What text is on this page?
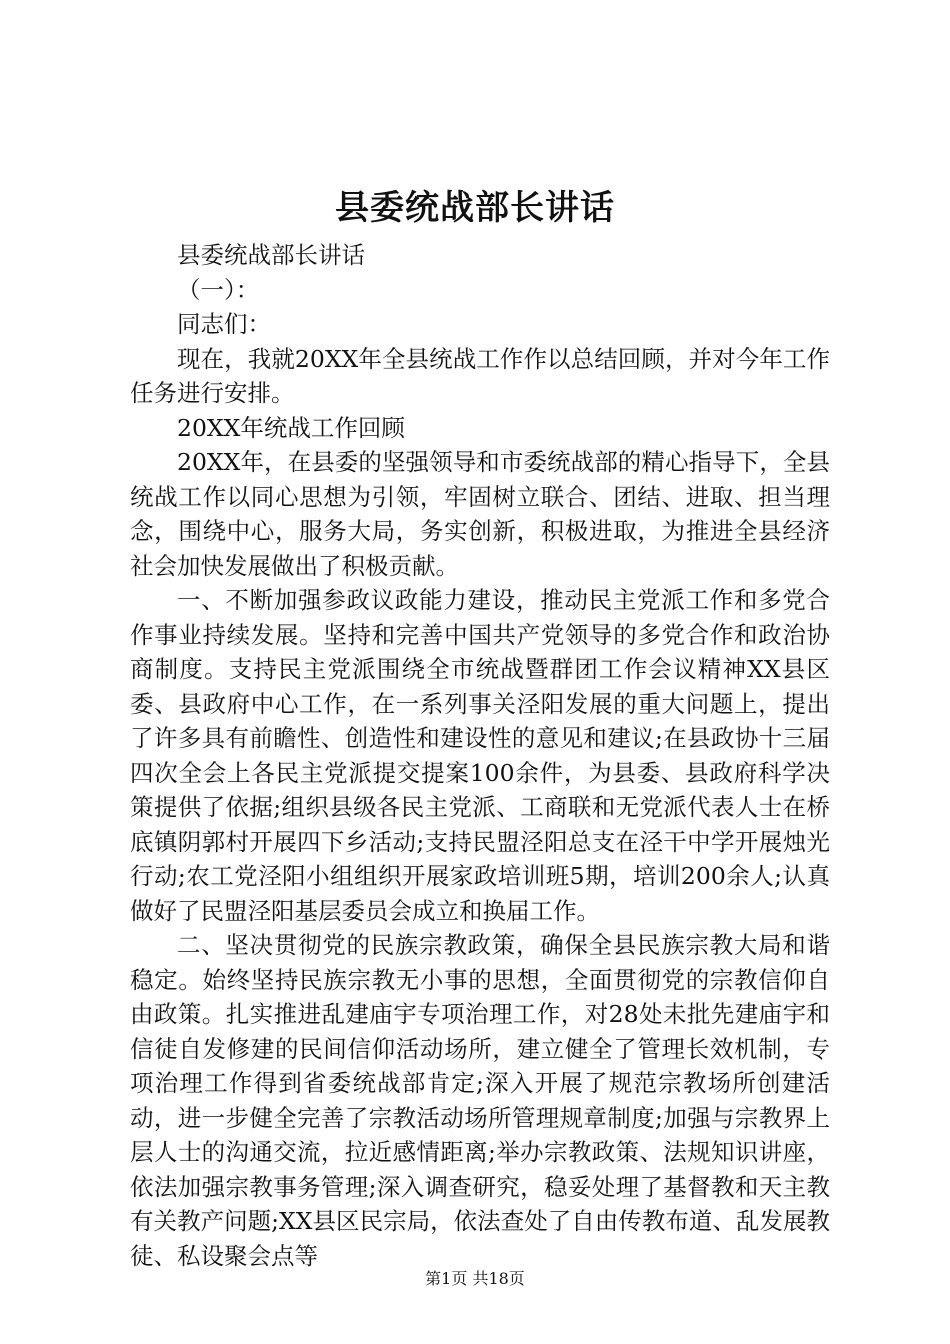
县委统战部长讲话

县委统战部长讲话

（一）：

同志们：

现在，我就20XX年全县统战工作作以总结回顾，并对今年工作任务进行安排。

20XX年统战工作回顾

20XX年，在县委的坚强领导和市委统战部的精心指导下，全县统战工作以同心思想为引领，牢固树立联合、团结、进取、担当理念，围绕中心，服务大局，务实创新，积极进取，为推进全县经济社会加快发展做出了积极贡献。

一、不断加强参政议政能力建设，推动民主党派工作和多党合作事业持续发展。坚持和完善中国共产党领导的多党合作和政治协商制度。支持民主党派围绕全市统战暨群团工作会议精神XX县区委、县政府中心工作，在一系列事关泾阳发展的重大问题上，提出了许多具有前瞻性、创造性和建设性的意见和建议;在县政协十三届四次全会上各民主党派提交提案100余件，为县委、县政府科学决策提供了依据;组织县级各民主党派、工商联和无党派代表人士在桥底镇阴郭村开展四下乡活动;支持民盟泾阳总支在泾干中学开展烛光行动;农工党泾阳小组组织开展家政培训班5期，培训200余人;认真做好了民盟泾阳基层委员会成立和换届工作。

二、坚决贯彻党的民族宗教政策，确保全县民族宗教大局和谐稳定。始终坚持民族宗教无小事的思想，全面贯彻党的宗教信仰自由政策。扎实推进乱建庙宇专项治理工作，对28处未批先建庙宇和信徒自发修建的民间信仰活动场所，建立健全了管理长效机制，专项治理工作得到省委统战部肯定;深入开展了规范宗教场所创建活动，进一步健全完善了宗教活动场所管理规章制度;加强与宗教界上层人士的沟通交流，拉近感情距离;举办宗教政策、法规知识讲座，依法加强宗教事务管理;深入调查研究，稳妥处理了基督教和天主教有关教产问题;XX县区民宗局，依法查处了自由传教布道、乱发展教徒、私设聚会点等

第1页 共18页
